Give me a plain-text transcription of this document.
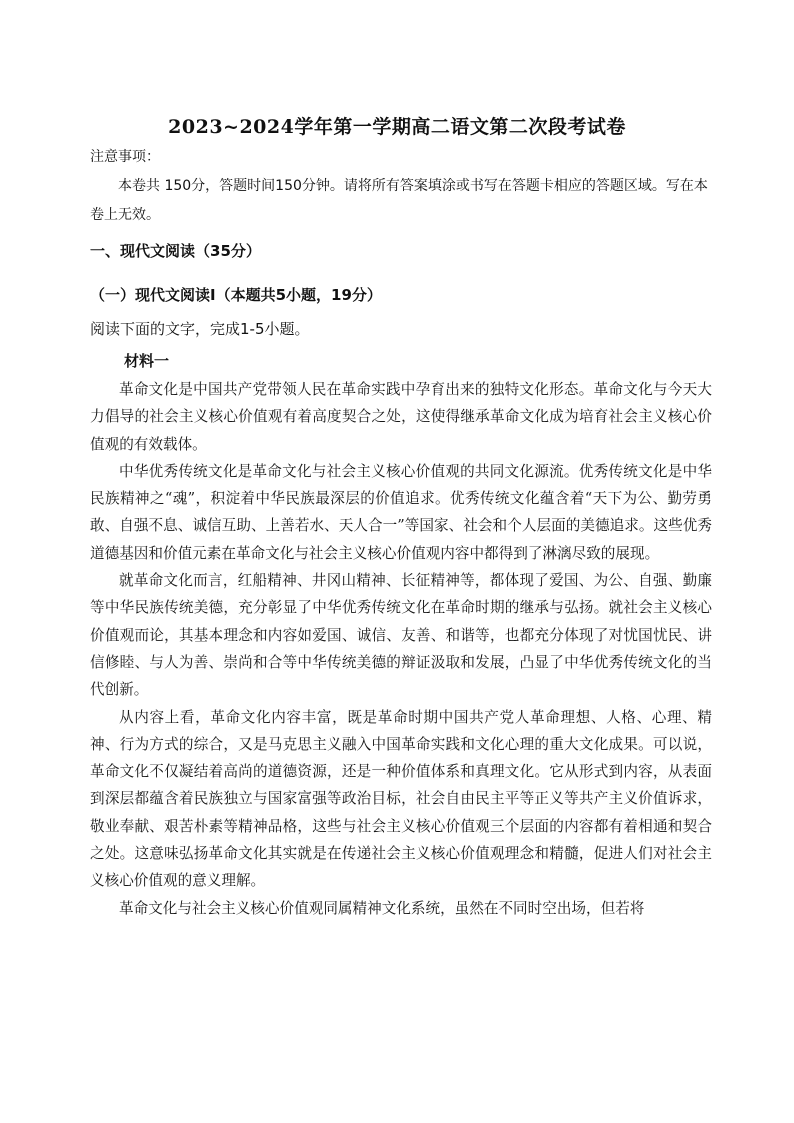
2023~2024学年第一学期高二语文第二次段考试卷
注意事项：

本卷共 150分，答题时间150分钟。请将所有答案填涂或书写在答题卡相应的答题区域。写在本卷上无效。

一、现代文阅读（35分）
（一）现代文阅读Ⅰ（本题共5小题，19分）
阅读下面的文字，完成1-5小题。
材料一

革命文化是中国共产党带领人民在革命实践中孕育出来的独特文化形态。革命文化与今天大力倡导的社会主义核心价值观有着高度契合之处，这使得继承革命文化成为培育社会主义核心价值观的有效载体。

中华优秀传统文化是革命文化与社会主义核心价值观的共同文化源流。优秀传统文化是中华民族精神之“魂”，积淀着中华民族最深层的价值追求。优秀传统文化蕴含着“天下为公、勤劳勇敢、自强不息、诚信互助、上善若水、天人合一”等国家、社会和个人层面的美德追求。这些优秀道德基因和价值元素在革命文化与社会主义核心价值观内容中都得到了淋漓尽致的展现。

就革命文化而言，红船精神、井冈山精神、长征精神等，都体现了爱国、为公、自强、勤廉等中华民族传统美德，充分彰显了中华优秀传统文化在革命时期的继承与弘扬。就社会主义核心价值观而论，其基本理念和内容如爱国、诚信、友善、和谐等，也都充分体现了对忧国忧民、讲信修睦、与人为善、崇尚和合等中华传统美德的辩证汲取和发展，凸显了中华优秀传统文化的当代创新。

从内容上看，革命文化内容丰富，既是革命时期中国共产党人革命理想、人格、心理、精神、行为方式的综合，又是马克思主义融入中国革命实践和文化心理的重大文化成果。可以说，革命文化不仅凝结着高尚的道德资源，还是一种价值体系和真理文化。它从形式到内容，从表面到深层都蕴含着民族独立与国家富强等政治目标，社会自由民主平等正义等共产主义价值诉求，敬业奉献、艰苦朴素等精神品格，这些与社会主义核心价值观三个层面的内容都有着相通和契合之处。这意味弘扬革命文化其实就是在传递社会主义核心价值观理念和精髓，促进人们对社会主义核心价值观的意义理解。

革命文化与社会主义核心价值观同属精神文化系统，虽然在不同时空出场，但若将
